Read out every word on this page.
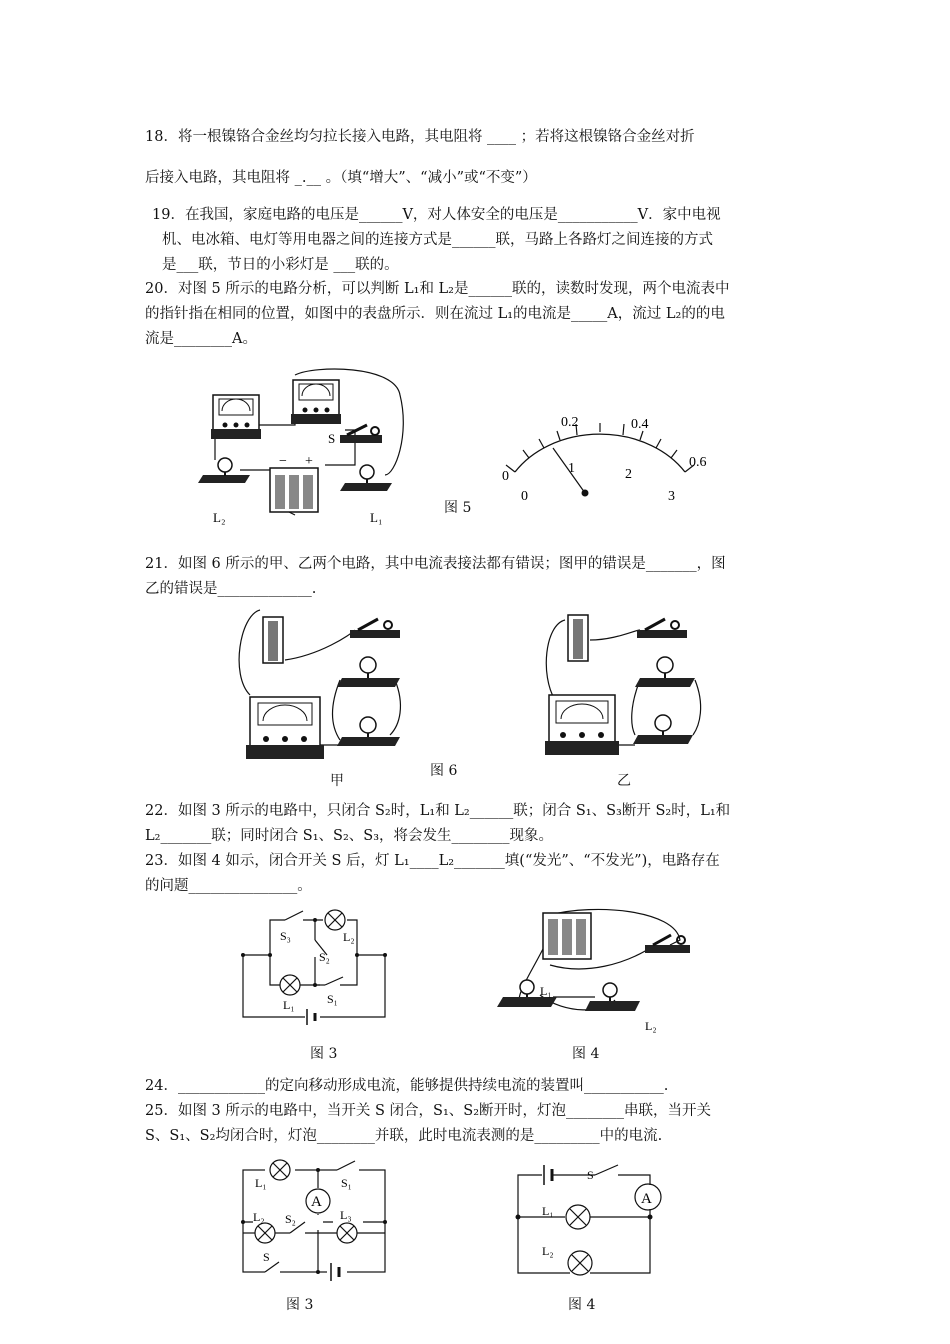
18．将一根镍铬合金丝均匀拉长接入电路，其电阻将 ____ ；若将这根镍铬合金丝对折
后接入电路，其电阻将 _.__ 。（填“增大”、“减小”或“不变”）
19．在我国，家庭电路的电压是______V，对人体安全的电压是___________V．家中电视
机、电冰箱、电灯等用电器之间的连接方式是______联，马路上各路灯之间连接的方式
是___联，节日的小彩灯是 ___联的。
20．对图 5 所示的电路分析，可以判断 L₁和 L₂是______联的，读数时发现，两个电流表中
的指针指在相同的位置，如图中的表盘所示．则在流过 L₁的电流是_____A，流过 L₂的的电
流是________A。
S
− +
L₂	L₁
图 5
0
0.2	0.4
0.6
0
1	2
3
21．如图 6 所示的甲、乙两个电路，其中电流表接法都有错误；图甲的错误是_______，图
乙的错误是_____________.
甲
图 6
乙
22．如图 3 所示的电路中，只闭合 S₂时，L₁和 L₂______联；闭合 S₁、S₃断开 S₂时，L₁和
L₂_______联；同时闭合 S₁、S₂、S₃，将会发生________现象。
23．如图 4 如示，闭合开关 S 后，灯 L₁____L₂_______填(“发光”、“不发光”)，电路存在
的问题_______________。
S₃
S₂
L₂
L₁	S₁
图 3
L₁
L₂
图 4
24．____________的定向移动形成电流，能够提供持续电流的装置叫___________.
25．如图 3 所示的电路中，当开关 S 闭合，S₁、S₂断开时，灯泡________串联，当开关
S、S₁、S₂均闭合时，灯泡________并联，此时电流表测的是_________中的电流.
L₁	S₁
A
L₂ S₂	L₃
S
图 3
S
A
L₁
L₂
图 4
